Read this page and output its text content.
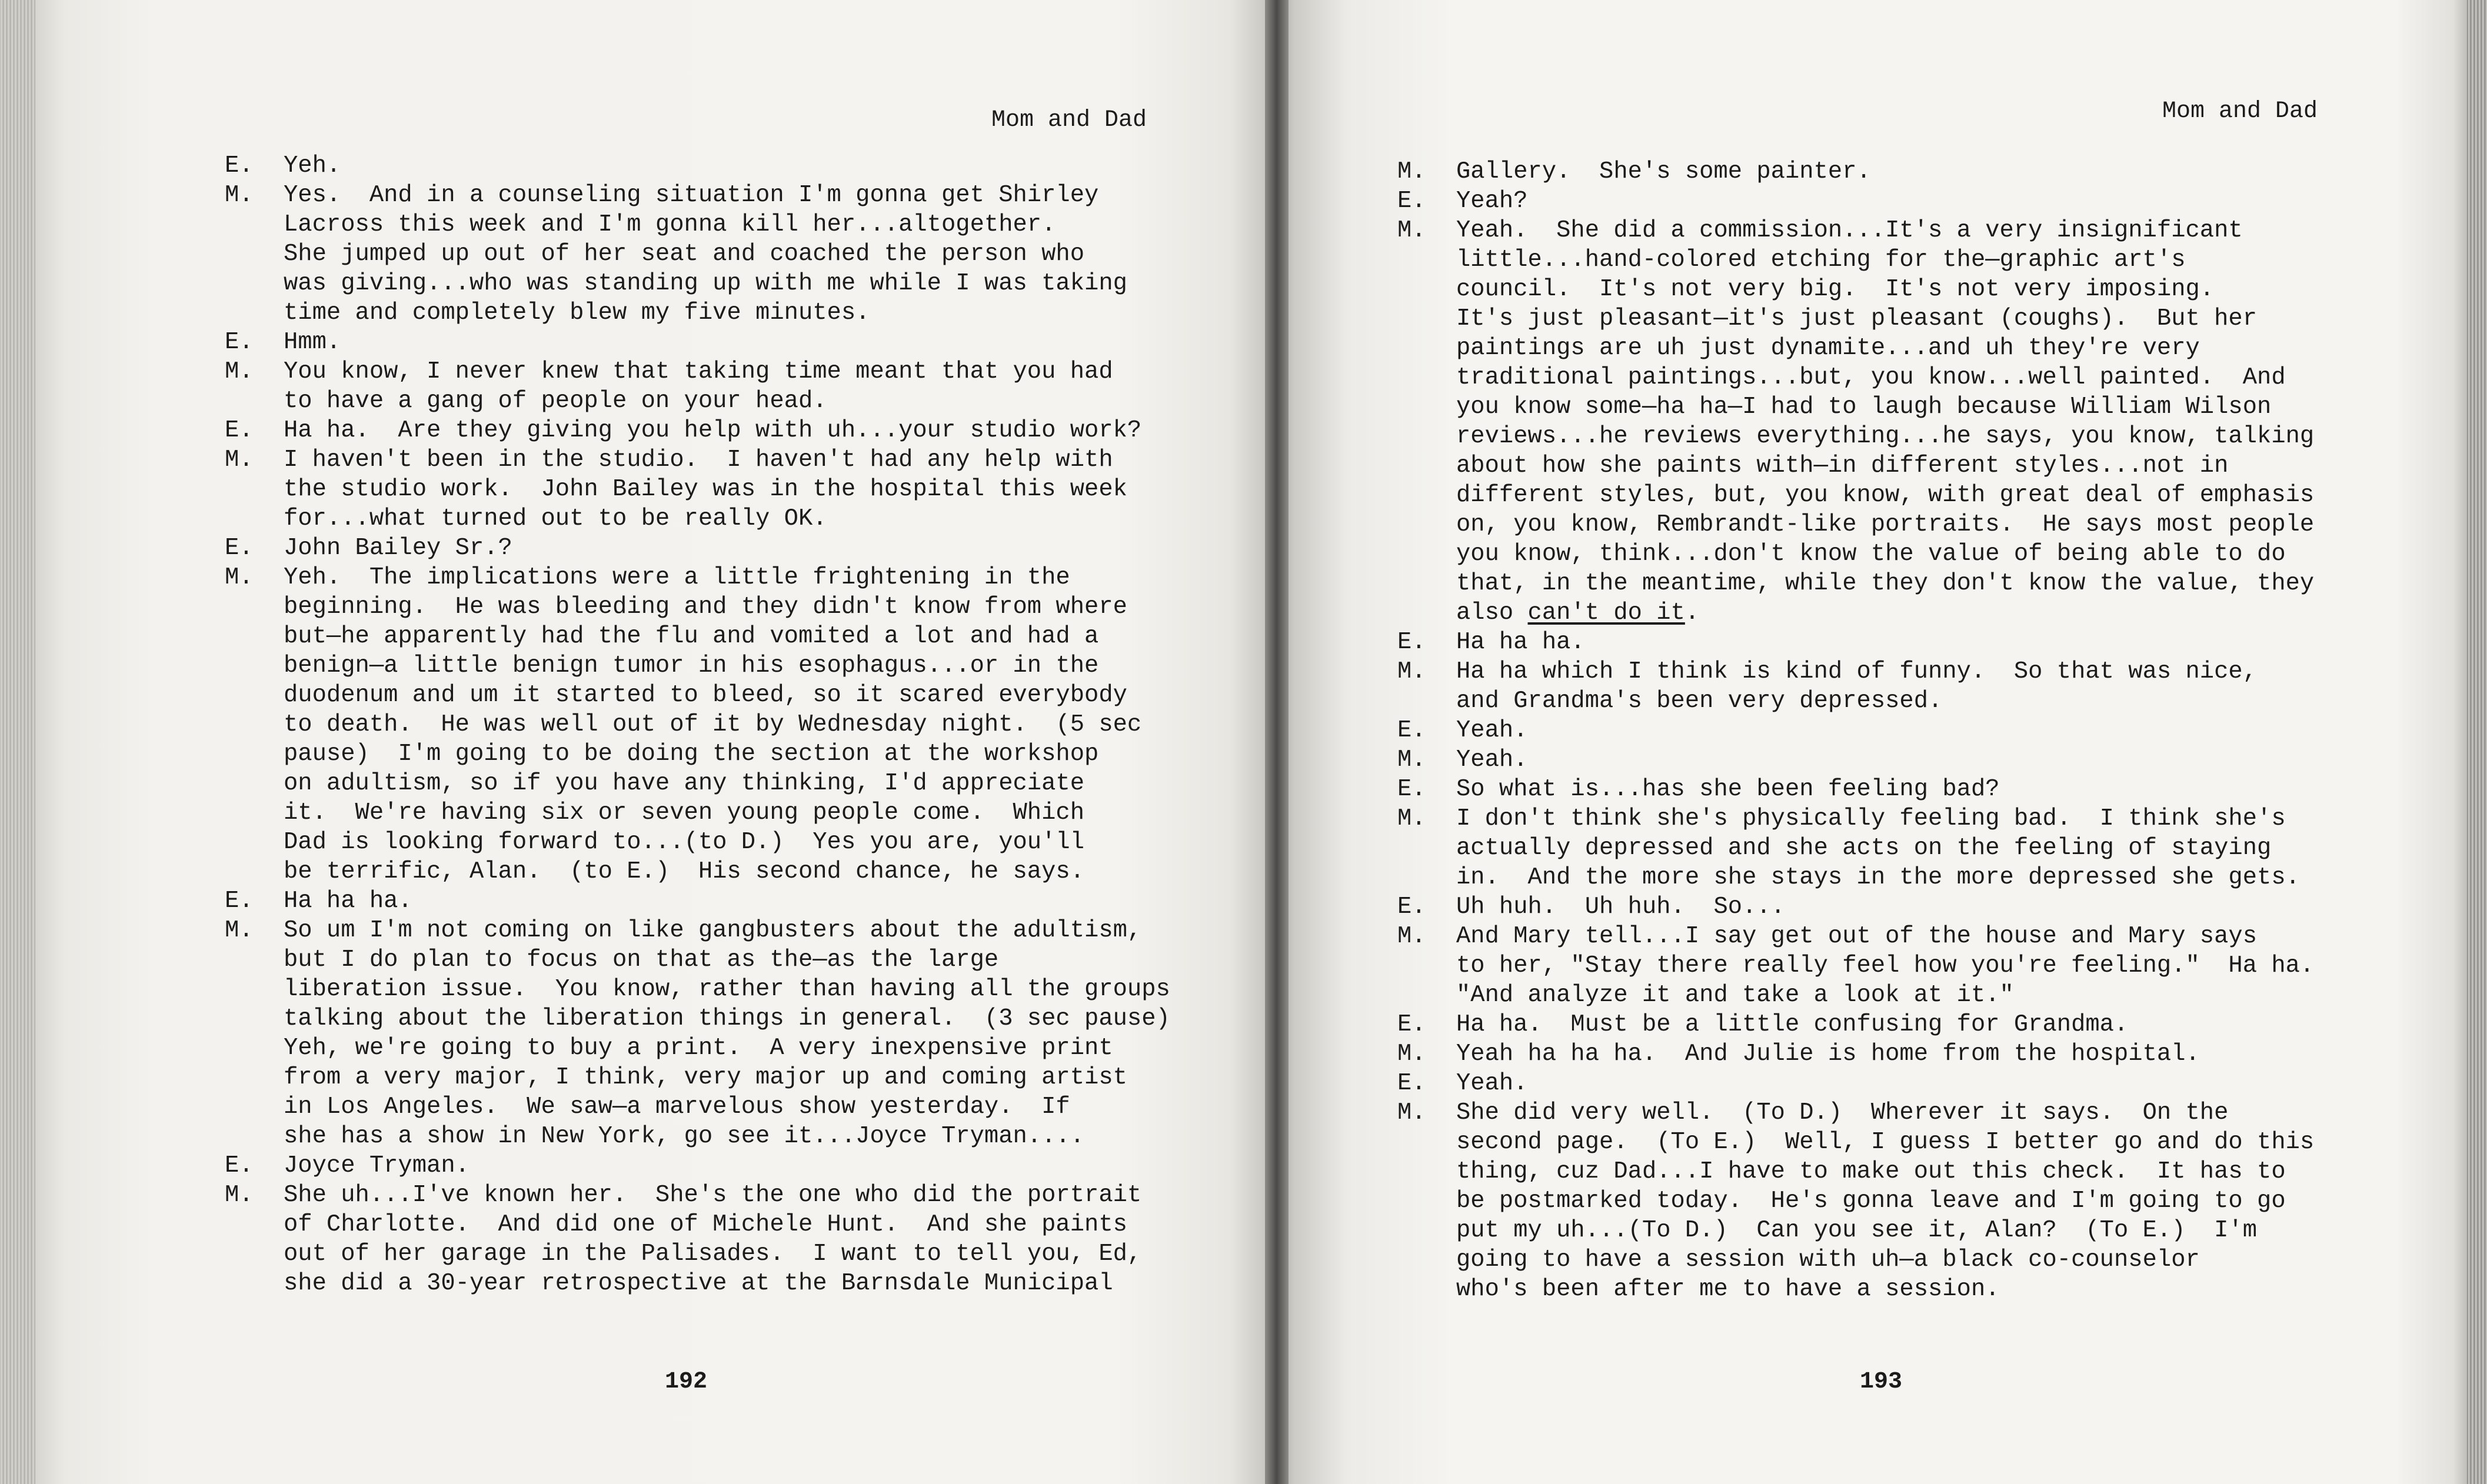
Mom and Dad
E.	Yeh.
M.	Yes.  And in a counseling situation I'm gonna get Shirley
Lacross this week and I'm gonna kill her...altogether.
She jumped up out of her seat and coached the person who
was giving...who was standing up with me while I was taking
time and completely blew my five minutes.
E.	Hmm.
M.	You know, I never knew that taking time meant that you had
to have a gang of people on your head.
E.	Ha ha.  Are they giving you help with uh...your studio work?
M.	I haven't been in the studio.  I haven't had any help with
the studio work.  John Bailey was in the hospital this week
for...what turned out to be really OK.
E.	John Bailey Sr.?
M.	Yeh.  The implications were a little frightening in the
beginning.  He was bleeding and they didn't know from where
but—he apparently had the flu and vomited a lot and had a
benign—a little benign tumor in his esophagus...or in the
duodenum and um it started to bleed, so it scared everybody
to death.  He was well out of it by Wednesday night.  (5 sec
pause)  I'm going to be doing the section at the workshop
on adultism, so if you have any thinking, I'd appreciate
it.  We're having six or seven young people come.  Which
Dad is looking forward to...(to D.)  Yes you are, you'll
be terrific, Alan.  (to E.)  His second chance, he says.
E.	Ha ha ha.
M.	So um I'm not coming on like gangbusters about the adultism,
but I do plan to focus on that as the—as the large
liberation issue.  You know, rather than having all the groups
talking about the liberation things in general.  (3 sec pause)
Yeh, we're going to buy a print.  A very inexpensive print
from a very major, I think, very major up and coming artist
in Los Angeles.  We saw—a marvelous show yesterday.  If
she has a show in New York, go see it...Joyce Tryman....
E.	Joyce Tryman.
M.	She uh...I've known her.  She's the one who did the portrait
of Charlotte.  And did one of Michele Hunt.  And she paints
out of her garage in the Palisades.  I want to tell you, Ed,
she did a 30-year retrospective at the Barnsdale Municipal
192
Mom and Dad
M.	Gallery.  She's some painter.
E.	Yeah?
M.	Yeah.  She did a commission...It's a very insignificant
little...hand-colored etching for the—graphic art's
council.  It's not very big.  It's not very imposing.
It's just pleasant—it's just pleasant (coughs).  But her
paintings are uh just dynamite...and uh they're very
traditional paintings...but, you know...well painted.  And
you know some—ha ha—I had to laugh because William Wilson
reviews...he reviews everything...he says, you know, talking
about how she paints with—in different styles...not in
different styles, but, you know, with great deal of emphasis
on, you know, Rembrandt-like portraits.  He says most people
you know, think...don't know the value of being able to do
that, in the meantime, while they don't know the value, they
also can't do it.
E.	Ha ha ha.
M.	Ha ha which I think is kind of funny.  So that was nice,
and Grandma's been very depressed.
E.	Yeah.
M.	Yeah.
E.	So what is...has she been feeling bad?
M.	I don't think she's physically feeling bad.  I think she's
actually depressed and she acts on the feeling of staying
in.  And the more she stays in the more depressed she gets.
E.	Uh huh.  Uh huh.  So...
M.	And Mary tell...I say get out of the house and Mary says
to her, "Stay there really feel how you're feeling."  Ha ha.
"And analyze it and take a look at it."
E.	Ha ha.  Must be a little confusing for Grandma.
M.	Yeah ha ha ha.  And Julie is home from the hospital.
E.	Yeah.
M.	She did very well.  (To D.)  Wherever it says.  On the
second page.  (To E.)  Well, I guess I better go and do this
thing, cuz Dad...I have to make out this check.  It has to
be postmarked today.  He's gonna leave and I'm going to go
put my uh...(To D.)  Can you see it, Alan?  (To E.)  I'm
going to have a session with uh—a black co-counselor
who's been after me to have a session.
193
